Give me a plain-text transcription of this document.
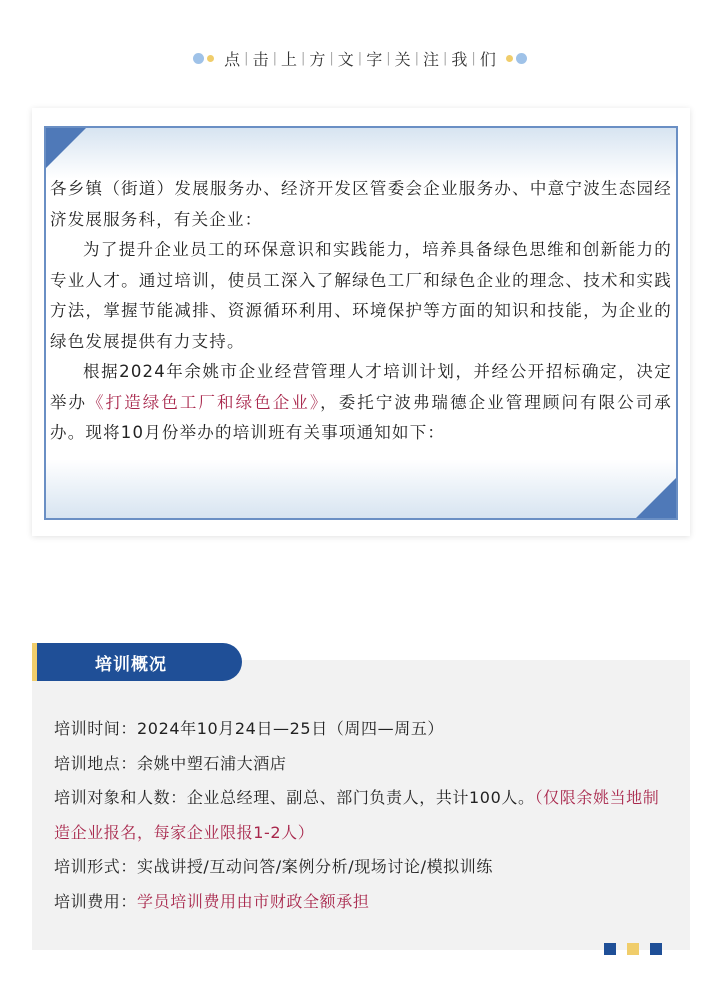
点 | 击 | 上 | 方 | 文 | 字 | 关 | 注 | 我 | 们

各乡镇（街道）发展服务办、经济开发区管委会企业服务办、中意宁波生态园经济发展服务科，有关企业：

为了提升企业员工的环保意识和实践能力，培养具备绿色思维和创新能力的专业人才。通过培训，使员工深入了解绿色工厂和绿色企业的理念、技术和实践方法，掌握节能减排、资源循环利用、环境保护等方面的知识和技能，为企业的绿色发展提供有力支持。

根据2024年余姚市企业经营管理人才培训计划，并经公开招标确定，决定举办《打造绿色工厂和绿色企业》，委托宁波弗瑞德企业管理顾问有限公司承办。现将10月份举办的培训班有关事项通知如下：

培训概况

培训时间：2024年10月24日—25日（周四—周五）

培训地点：余姚中塑石浦大酒店

培训对象和人数：企业总经理、副总、部门负责人，共计100人。（仅限余姚当地制造企业报名，每家企业限报1-2人）

培训形式：实战讲授/互动问答/案例分析/现场讨论/模拟训练

培训费用：学员培训费用由市财政全额承担
